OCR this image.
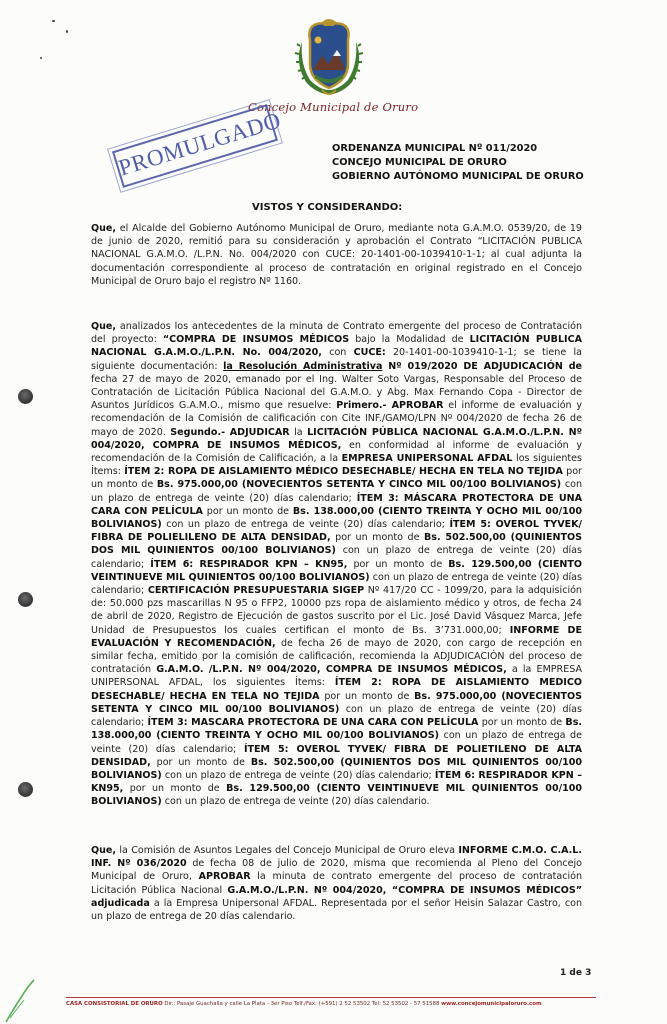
Concejo Municipal de Oruro
PROMULGADO	ORDENANZA MUNICIPAL Nº 011/2020
CONCEJO MUNICIPAL DE ORURO
GOBIERNO AUTÓNOMO MUNICIPAL DE ORURO
VISTOS Y CONSIDERANDO:
Que, el Alcalde del Gobierno Autónomo Municipal de Oruro, mediante nota G.A.M.O. 0539/20, de 19 de junio de 2020, remitió para su consideración y aprobación el Contrato “LICITACIÓN PUBLICA NACIONAL G.A.M.O. /L.P.N. No. 004/2020 con CUCE: 20-1401-00-1039410-1-1; al cual adjunta la documentación correspondiente al proceso de contratación en original registrado en el Concejo Municipal de Oruro bajo el registro Nº 1160.
Que, analizados los antecedentes de la minuta de Contrato emergente del proceso de Contratación del proyecto: “COMPRA DE INSUMOS MÉDICOS bajo la Modalidad de LICITACIÓN PUBLICA NACIONAL G.A.M.O./L.P.N. No. 004/2020, con CUCE: 20-1401-00-1039410-1-1; se tiene la siguiente documentación: la Resolución Administrativa Nº 019/2020 DE ADJUDICACIÓN de fecha 27 de mayo de 2020, emanado por el Ing. Walter Soto Vargas, Responsable del Proceso de Contratación de Licitación Pública Nacional del G.A.M.O. y Abg. Max Fernando Copa - Director de Asuntos Jurídicos G.A.M.O., mismo que resuelve: Primero.- APROBAR el informe de evaluación y recomendación de la Comisión de calificación con Cite INF./GAMO/LPN Nº 004/2020 de fecha 26 de mayo de 2020. Segundo.- ADJUDICAR la LICITACIÓN PÚBLICA NACIONAL G.A.M.O./L.P.N. Nº 004/2020, COMPRA DE INSUMOS MÉDICOS, en conformidad al informe de evaluación y recomendación de la Comisión de Calificación, a la EMPRESA UNIPERSONAL AFDAL los siguientes Ítems: ÍTEM 2: ROPA DE AISLAMIENTO MÉDICO DESECHABLE/ HECHA EN TELA NO TEJIDA por un monto de Bs. 975.000,00 (NOVECIENTOS SETENTA Y CINCO MIL 00/100 BOLIVIANOS) con un plazo de entrega de veinte (20) días calendario; ÍTEM 3: MÁSCARA PROTECTORA DE UNA CARA CON PELÍCULA por un monto de Bs. 138.000,00 (CIENTO TREINTA Y OCHO MIL 00/100 BOLIVIANOS) con un plazo de entrega de veinte (20) días calendario; ÍTEM 5: OVEROL TYVEK/ FIBRA DE POLIELILENO DE ALTA DENSIDAD, por un monto de Bs. 502.500,00 (QUINIENTOS DOS MIL QUINIENTOS 00/100 BOLIVIANOS) con un plazo de entrega de veinte (20) días calendario; ÍTEM 6: RESPIRADOR KPN – KN95, por un monto de Bs. 129.500,00 (CIENTO VEINTINUEVE MIL QUINIENTOS 00/100 BOLIVIANOS) con un plazo de entrega de veinte (20) días calendario; CERTIFICACIÓN PRESUPUESTARIA SIGEP Nº 417/20 CC - 1099/20, para la adquisición de: 50.000 pzs mascarillas N 95 o FFP2, 10000 pzs ropa de aislamiento médico y otros, de fecha 24 de abril de 2020, Registro de Ejecución de gastos suscrito por el Lic. José David Vásquez Marca, Jefe Unidad de Presupuestos los cuales certifican el monto de Bs. 3’731.000,00; INFORME DE EVALUACIÓN Y RECOMENDACIÓN, de fecha 26 de mayo de 2020, con cargo de recepción en similar fecha, emitido por la comisión de calificación, recomienda la ADJUDICACIÓN del proceso de contratación G.A.M.O. /L.P.N. Nº 004/2020, COMPRA DE INSUMOS MÉDICOS, a la EMPRESA UNIPERSONAL AFDAL, los siguientes Ítems: ÍTEM 2: ROPA DE AISLAMIENTO MEDICO DESECHABLE/ HECHA EN TELA NO TEJIDA por un monto de Bs. 975.000,00 (NOVECIENTOS SETENTA Y CINCO MIL 00/100 BOLIVIANOS) con un plazo de entrega de veinte (20) días calendario; ÍTEM 3: MASCARA PROTECTORA DE UNA CARA CON PELÍCULA por un monto de Bs. 138.000,00 (CIENTO TREINTA Y OCHO MIL 00/100 BOLIVIANOS) con un plazo de entrega de veinte (20) días calendario; ÍTEM 5: OVEROL TYVEK/ FIBRA DE POLIETILENO DE ALTA DENSIDAD, por un monto de Bs. 502.500,00 (QUINIENTOS DOS MIL QUINIENTOS 00/100 BOLIVIANOS) con un plazo de entrega de veinte (20) días calendario; ÍTEM 6: RESPIRADOR KPN – KN95, por un monto de Bs. 129.500,00 (CIENTO VEINTINUEVE MIL QUINIENTOS 00/100 BOLIVIANOS) con un plazo de entrega de veinte (20) días calendario.
Que, la Comisión de Asuntos Legales del Concejo Municipal de Oruro eleva INFORME C.M.O. C.A.L. INF. Nº 036/2020 de fecha 08 de julio de 2020, misma que recomienda al Pleno del Concejo Municipal de Oruro, APROBAR la minuta de contrato emergente del proceso de contratación Licitación Pública Nacional G.A.M.O./L.P.N. Nº 004/2020, “COMPRA DE INSUMOS MÉDICOS” adjudicada a la Empresa Unipersonal AFDAL. Representada por el señor Heisin Salazar Castro, con un plazo de entrega de 20 días calendario.
1 de 3
CASA CONSISTORIAL DE ORURO Dir.: Pasaje Guachalla y calle La Plata - 3er Piso Telf./Fax: (+591) 2 52 53502 Tel: 52 53502 - 57 51588 www.concejomunicipaloruro.com
